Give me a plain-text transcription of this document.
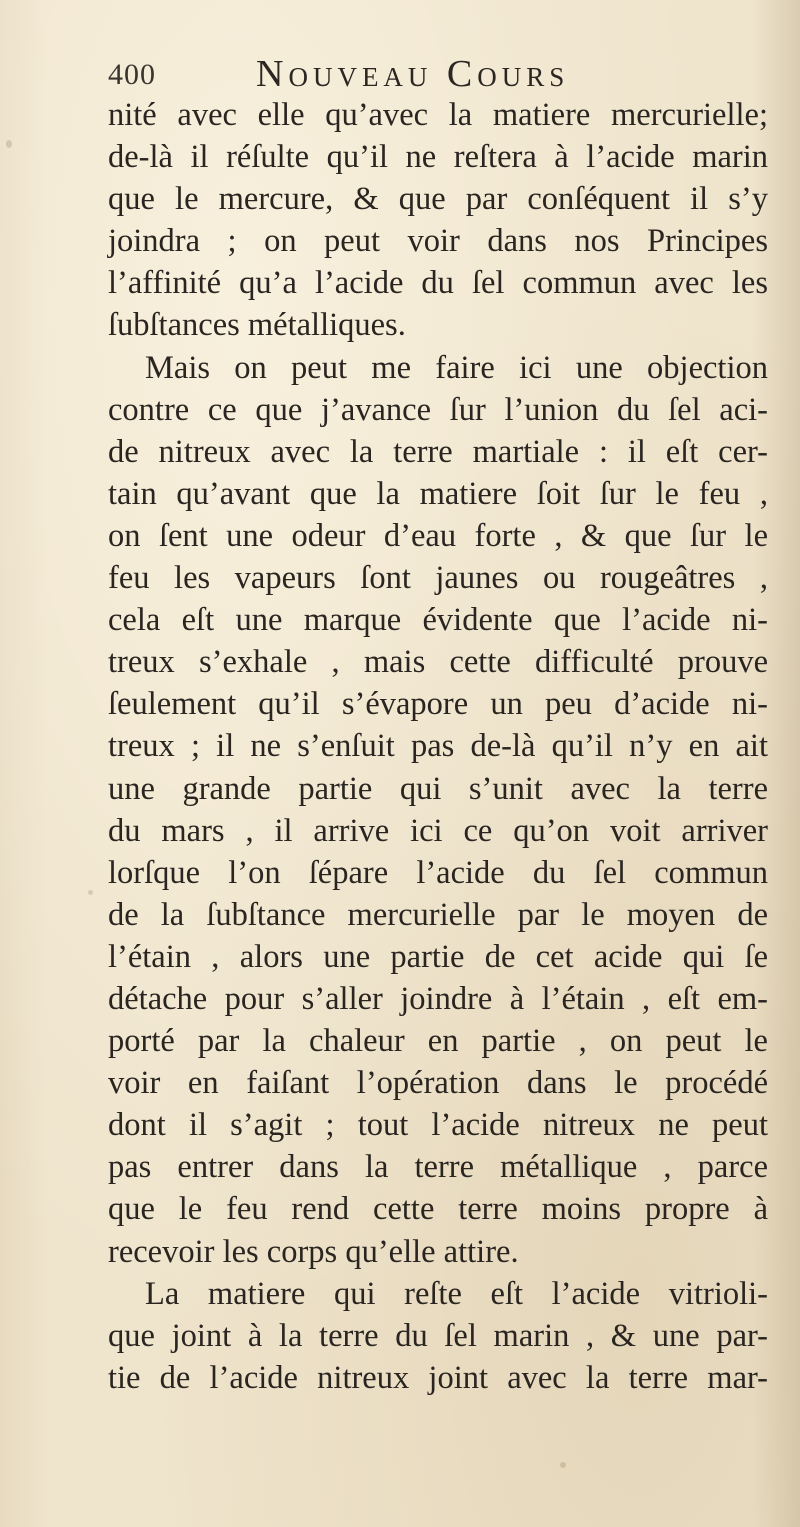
400	Nouveau Cours
nité avec elle qu’avec la matiere mercurielle;
de-là il réſulte qu’il ne reſtera à l’acide marin
que le mercure, & que par conſéquent il s’y
joindra ; on peut voir dans nos Principes
l’affinité qu’a l’acide du ſel commun avec les
ſubſtances métalliques.
Mais on peut me faire ici une objection
contre ce que j’avance ſur l’union du ſel aci-
de nitreux avec la terre martiale : il eſt cer-
tain qu’avant que la matiere ſoit ſur le feu ,
on ſent une odeur d’eau forte , & que ſur le
feu les vapeurs ſont jaunes ou rougeâtres ,
cela eſt une marque évidente que l’acide ni-
treux s’exhale , mais cette difficulté prouve
ſeulement qu’il s’évapore un peu d’acide ni-
treux ; il ne s’enſuit pas de-là qu’il n’y en ait
une grande partie qui s’unit avec la terre
du mars , il arrive ici ce qu’on voit arriver
lorſque l’on ſépare l’acide du ſel commun
de la ſubſtance mercurielle par le moyen de
l’étain , alors une partie de cet acide qui ſe
détache pour s’aller joindre à l’étain , eſt em-
porté par la chaleur en partie , on peut le
voir en faiſant l’opération dans le procédé
dont il s’agit ; tout l’acide nitreux ne peut
pas entrer dans la terre métallique , parce
que le feu rend cette terre moins propre à
recevoir les corps qu’elle attire.
La matiere qui reſte eſt l’acide vitrioli-
que joint à la terre du ſel marin , & une par-
tie de l’acide nitreux joint avec la terre mar-
